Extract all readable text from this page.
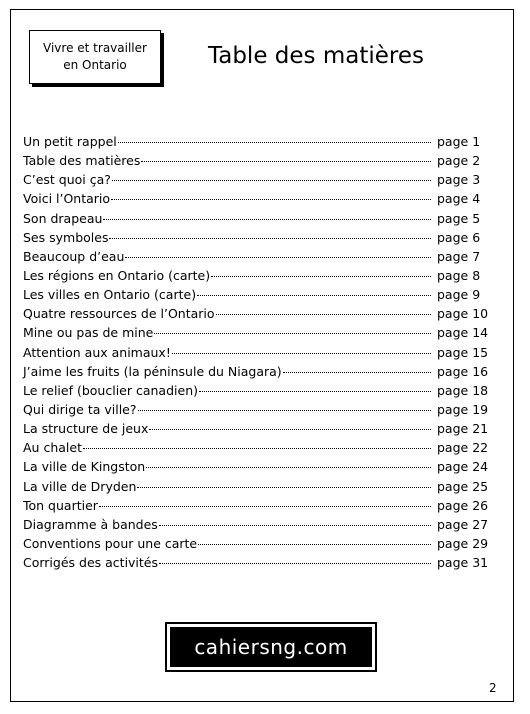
Vivre et travailler
en Ontario	Table des matières
Un petit rappel	page 1
Table des matières	page 2
C’est quoi ça?	page 3
Voici l’Ontario	page 4
Son drapeau	page 5
Ses symboles	page 6
Beaucoup d’eau	page 7
Les régions en Ontario (carte)	page 8
Les villes en Ontario (carte)	page 9
Quatre ressources de l’Ontario	page 10
Mine ou pas de mine	page 14
Attention aux animaux!	page 15
J’aime les fruits (la péninsule du Niagara)	page 16
Le relief (bouclier canadien)	page 18
Qui dirige ta ville?	page 19
La structure de jeux	page 21
Au chalet	page 22
La ville de Kingston	page 24
La ville de Dryden	page 25
Ton quartier	page 26
Diagramme à bandes	page 27
Conventions pour une carte	page 29
Corrigés des activités	page 31
cahiersng.com
2
